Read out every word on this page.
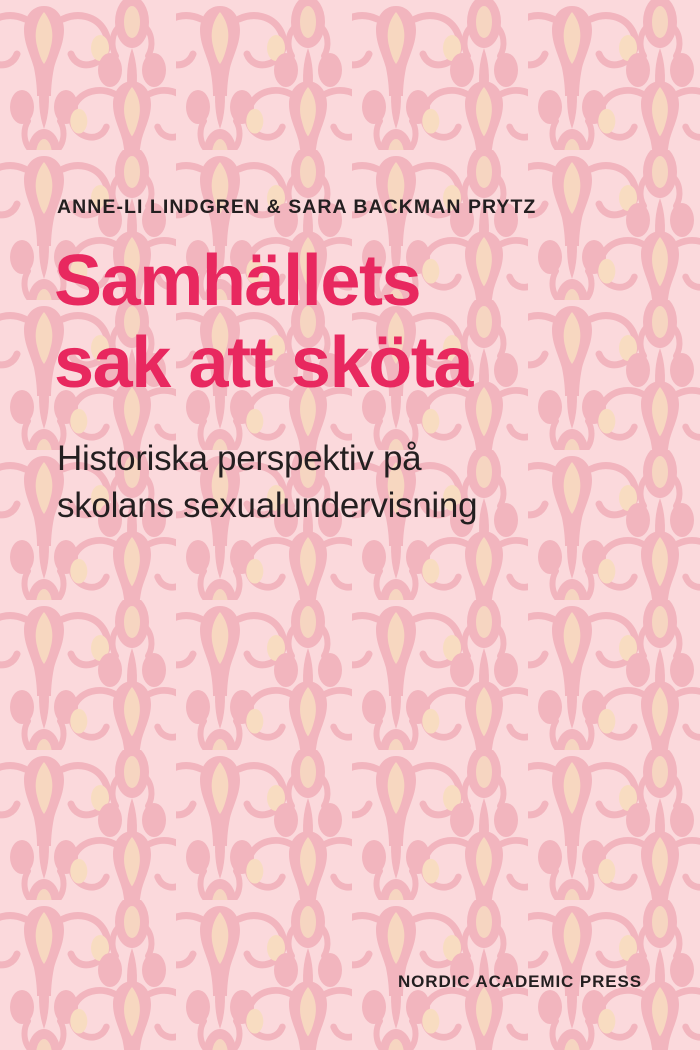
ANNE-LI LINDGREN & SARA BACKMAN PRYTZ
Samhällets
sak att sköta
Historiska perspektiv på
skolans sexualundervisning
NORDIC ACADEMIC PRESS
